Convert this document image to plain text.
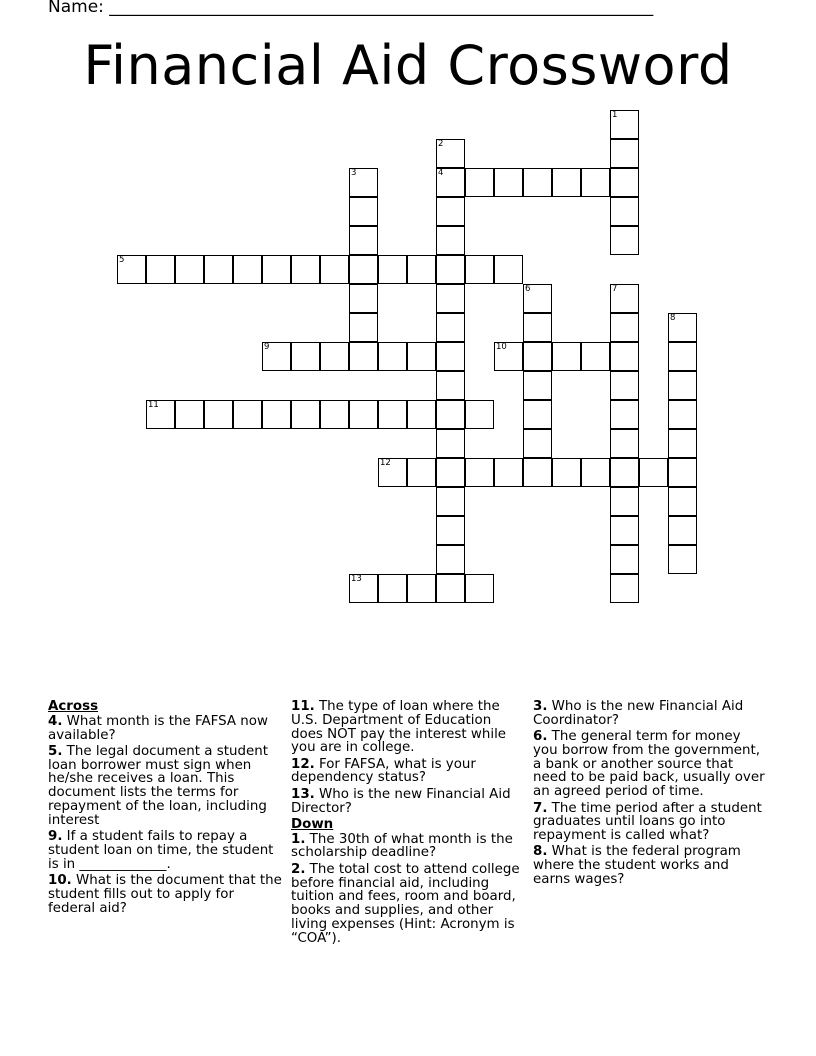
Name: ________________________________________________________________
Financial Aid Crossword
4
5
9	10
11
12
13
1
2
3
6	7
8
Across
4. What month is the FAFSA now available?
5. The legal document a student loan borrower must sign when he/she receives a loan. This document lists the terms for repayment of the loan, including interest
9. If a student fails to repay a student loan on time, the student is in _____________.
10. What is the document that the student fills out to apply for federal aid?
11. The type of loan where the U.S. Department of Education does NOT pay the interest while you are in college.
12. For FAFSA, what is your dependency status?
13. Who is the new Financial Aid Director?
Down
1. The 30th of what month is the scholarship deadline?
2. The total cost to attend college before financial aid, including tuition and fees, room and board, books and supplies, and other living expenses (Hint: Acronym is “COA”).
3. Who is the new Financial Aid Coordinator?
6. The general term for money you borrow from the government, a bank or another source that need to be paid back, usually over an agreed period of time.
7. The time period after a student graduates until loans go into repayment is called what?
8. What is the federal program where the student works and earns wages?
